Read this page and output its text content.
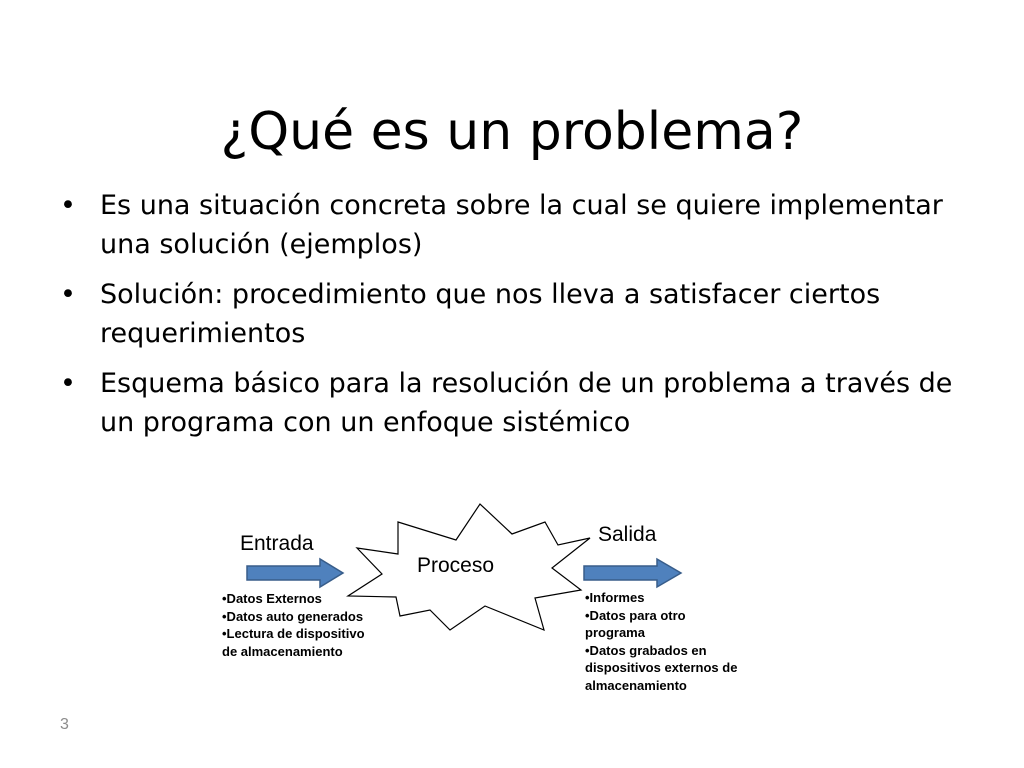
¿Qué es un problema?
• Es una situación concreta sobre la cual se quiere implementar una solución (ejemplos)
• Solución: procedimiento que nos lleva a satisfacer ciertos requerimientos
• Esquema básico para la resolución de un problema a través de un programa con un enfoque sistémico
Entrada
Proceso
Salida
•Datos Externos
•Datos auto generados
•Lectura de dispositivo
de almacenamiento
•Informes
•Datos para otro
programa
•Datos grabados en
dispositivos externos de
almacenamiento
3
